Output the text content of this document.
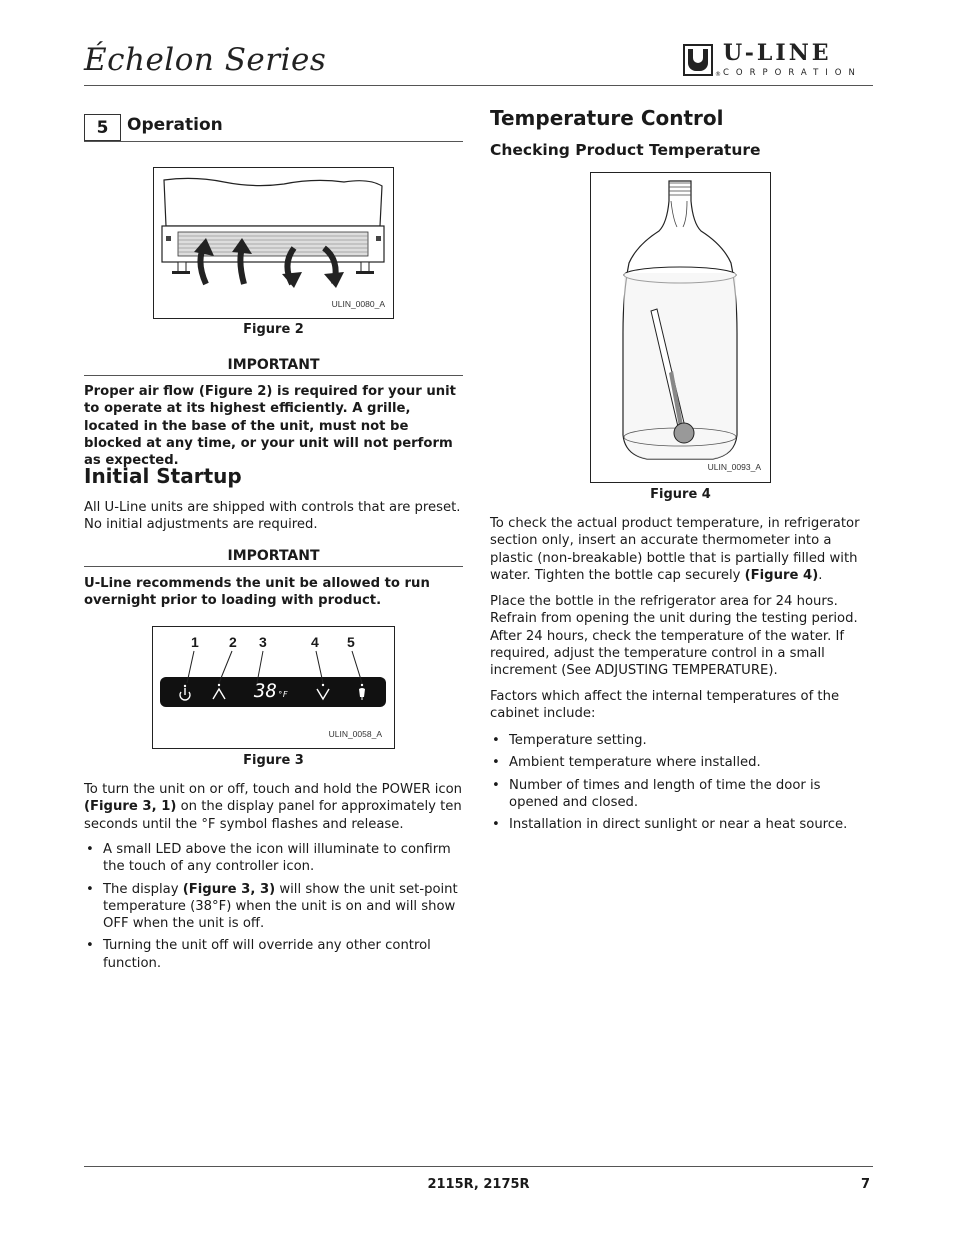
Échelon Series	U-LINE
® CORPORATION
5	Operation
ULIN_0080_A
Figure 2
IMPORTANT
Proper air flow (Figure 2) is required for your unit to operate at its highest efficiently. A grille, located in the base of the unit, must not be blocked at any time, or your unit will not perform as expected.
Initial Startup
All U-Line units are shipped with controls that are preset. No initial adjustments are required.
IMPORTANT
U-Line recommends the unit be allowed to run overnight prior to loading with product.
1 2 3	4 5
38°F
ULIN_0058_A
Figure 3
To turn the unit on or off, touch and hold the POWER icon (Figure 3, 1) on the display panel for approximately ten seconds until the °F symbol flashes and release.
• A small LED above the icon will illuminate to confirm the touch of any controller icon.
• The display (Figure 3, 3) will show the unit set-point temperature (38°F) when the unit is on and will show OFF when the unit is off.
• Turning the unit off will override any other control function.
Temperature Control
Checking Product Temperature
ULIN_0093_A
Figure 4
To check the actual product temperature, in refrigerator section only, insert an accurate thermometer into a plastic (non-breakable) bottle that is partially filled with water. Tighten the bottle cap securely (Figure 4).
Place the bottle in the refrigerator area for 24 hours. Refrain from opening the unit during the testing period. After 24 hours, check the temperature of the water. If required, adjust the temperature control in a small increment (See ADJUSTING TEMPERATURE).
Factors which affect the internal temperatures of the cabinet include:
• Temperature setting.
• Ambient temperature where installed.
• Number of times and length of time the door is opened and closed.
• Installation in direct sunlight or near a heat source.
2115R, 2175R	7
